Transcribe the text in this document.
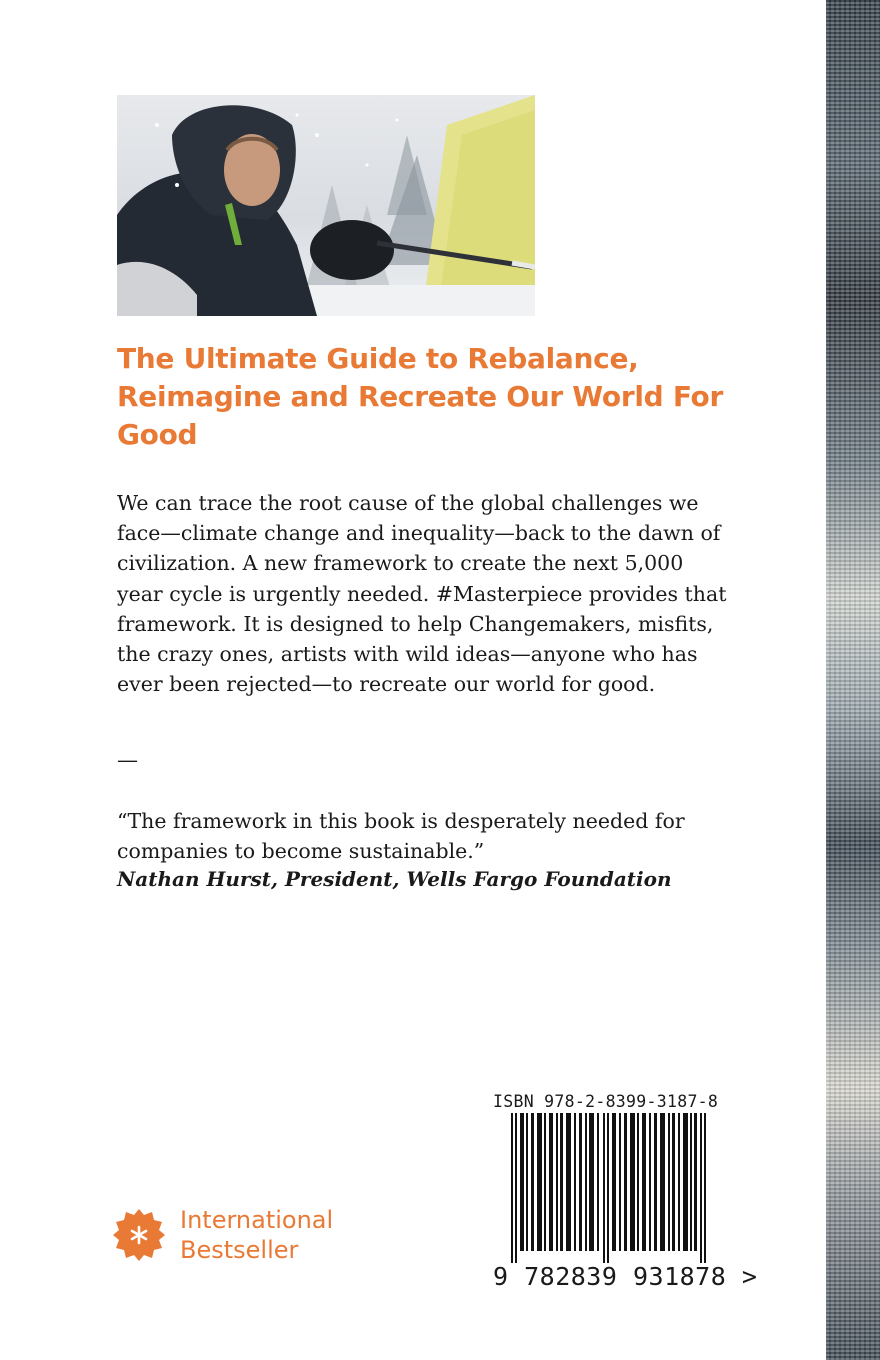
The Ultimate Guide to Rebalance, Reimagine and Recreate Our World For Good

We can trace the root cause of the global challenges we face—climate change and inequality—back to the dawn of civilization. A new framework to create the next 5,000 year cycle is urgently needed. #Masterpiece provides that framework. It is designed to help Changemakers, misfits, the crazy ones, artists with wild ideas—anyone who has ever been rejected—to recreate our world for good.

—

“The framework in this book is desperately needed for companies to become sustainable.”

Nathan Hurst, President, Wells Fargo Foundation

International
Bestseller

ISBN 978-2-8399-3187-8

9 782839 931878 >
